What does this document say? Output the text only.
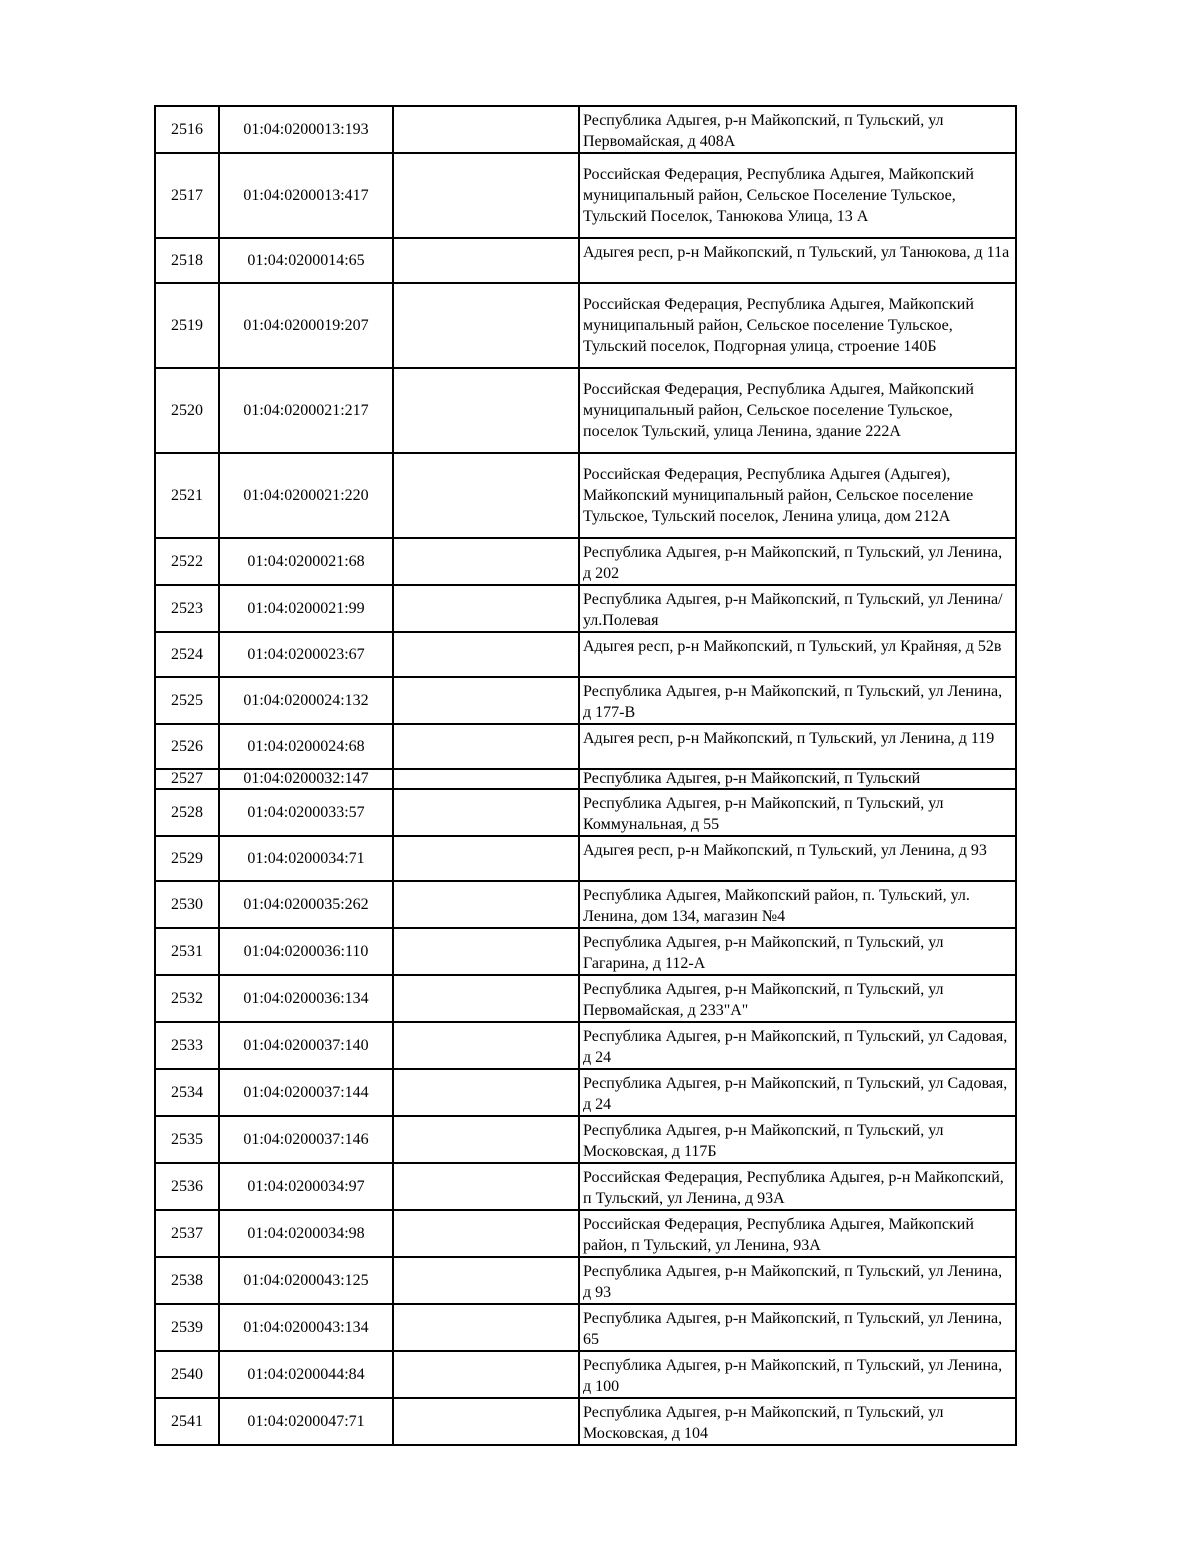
2516	01:04:0200013:193		Республика Адыгея, р-н Майкопский, п Тульский, ул Первомайская, д 408А
2517	01:04:0200013:417		Российская Федерация, Республика Адыгея, Майкопский муниципальный район, Сельское Поселение Тульское, Тульский Поселок, Танюкова Улица, 13 А
2518	01:04:0200014:65		Адыгея респ, р-н Майкопский, п Тульский, ул Танюкова, д 11а
2519	01:04:0200019:207		Российская Федерация, Республика Адыгея, Майкопский муниципальный район, Сельское поселение Тульское, Тульский поселок, Подгорная улица, строение 140Б
2520	01:04:0200021:217		Российская Федерация, Республика Адыгея, Майкопский муниципальный район, Сельское поселение Тульское, поселок Тульский, улица Ленина, здание 222А
2521	01:04:0200021:220		Российская Федерация, Республика Адыгея (Адыгея), Майкопский муниципальный район, Сельское поселение Тульское, Тульский поселок, Ленина улица, дом 212А
2522	01:04:0200021:68		Республика Адыгея, р-н Майкопский, п Тульский, ул Ленина, д 202
2523	01:04:0200021:99		Республика Адыгея, р-н Майкопский, п Тульский, ул Ленина/ул.Полевая
2524	01:04:0200023:67		Адыгея респ, р-н Майкопский, п Тульский, ул Крайняя, д 52в
2525	01:04:0200024:132		Республика Адыгея, р-н Майкопский, п Тульский, ул Ленина, д 177-В
2526	01:04:0200024:68		Адыгея респ, р-н Майкопский, п Тульский, ул Ленина, д 119
2527	01:04:0200032:147		Республика Адыгея, р-н Майкопский, п Тульский
2528	01:04:0200033:57		Республика Адыгея, р-н Майкопский, п Тульский, ул Коммунальная, д 55
2529	01:04:0200034:71		Адыгея респ, р-н Майкопский, п Тульский, ул Ленина, д 93
2530	01:04:0200035:262		Республика Адыгея, Майкопский район, п. Тульский, ул. Ленина, дом 134, магазин №4
2531	01:04:0200036:110		Республика Адыгея, р-н Майкопский, п Тульский, ул Гагарина, д 112-А
2532	01:04:0200036:134		Республика Адыгея, р-н Майкопский, п Тульский, ул Первомайская, д 233"А"
2533	01:04:0200037:140		Республика Адыгея, р-н Майкопский, п Тульский, ул Садовая, д 24
2534	01:04:0200037:144		Республика Адыгея, р-н Майкопский, п Тульский, ул Садовая, д 24
2535	01:04:0200037:146		Республика Адыгея, р-н Майкопский, п Тульский, ул Московская, д 117Б
2536	01:04:0200034:97		Российская Федерация, Республика Адыгея, р-н Майкопский, п Тульский, ул Ленина, д 93А
2537	01:04:0200034:98		Российская Федерация, Республика Адыгея, Майкопский район, п Тульский, ул Ленина, 93А
2538	01:04:0200043:125		Республика Адыгея, р-н Майкопский, п Тульский, ул Ленина, д 93
2539	01:04:0200043:134		Республика Адыгея, р-н Майкопский, п Тульский, ул Ленина, 65
2540	01:04:0200044:84		Республика Адыгея, р-н Майкопский, п Тульский, ул Ленина, д 100
2541	01:04:0200047:71		Республика Адыгея, р-н Майкопский, п Тульский, ул Московская, д 104
